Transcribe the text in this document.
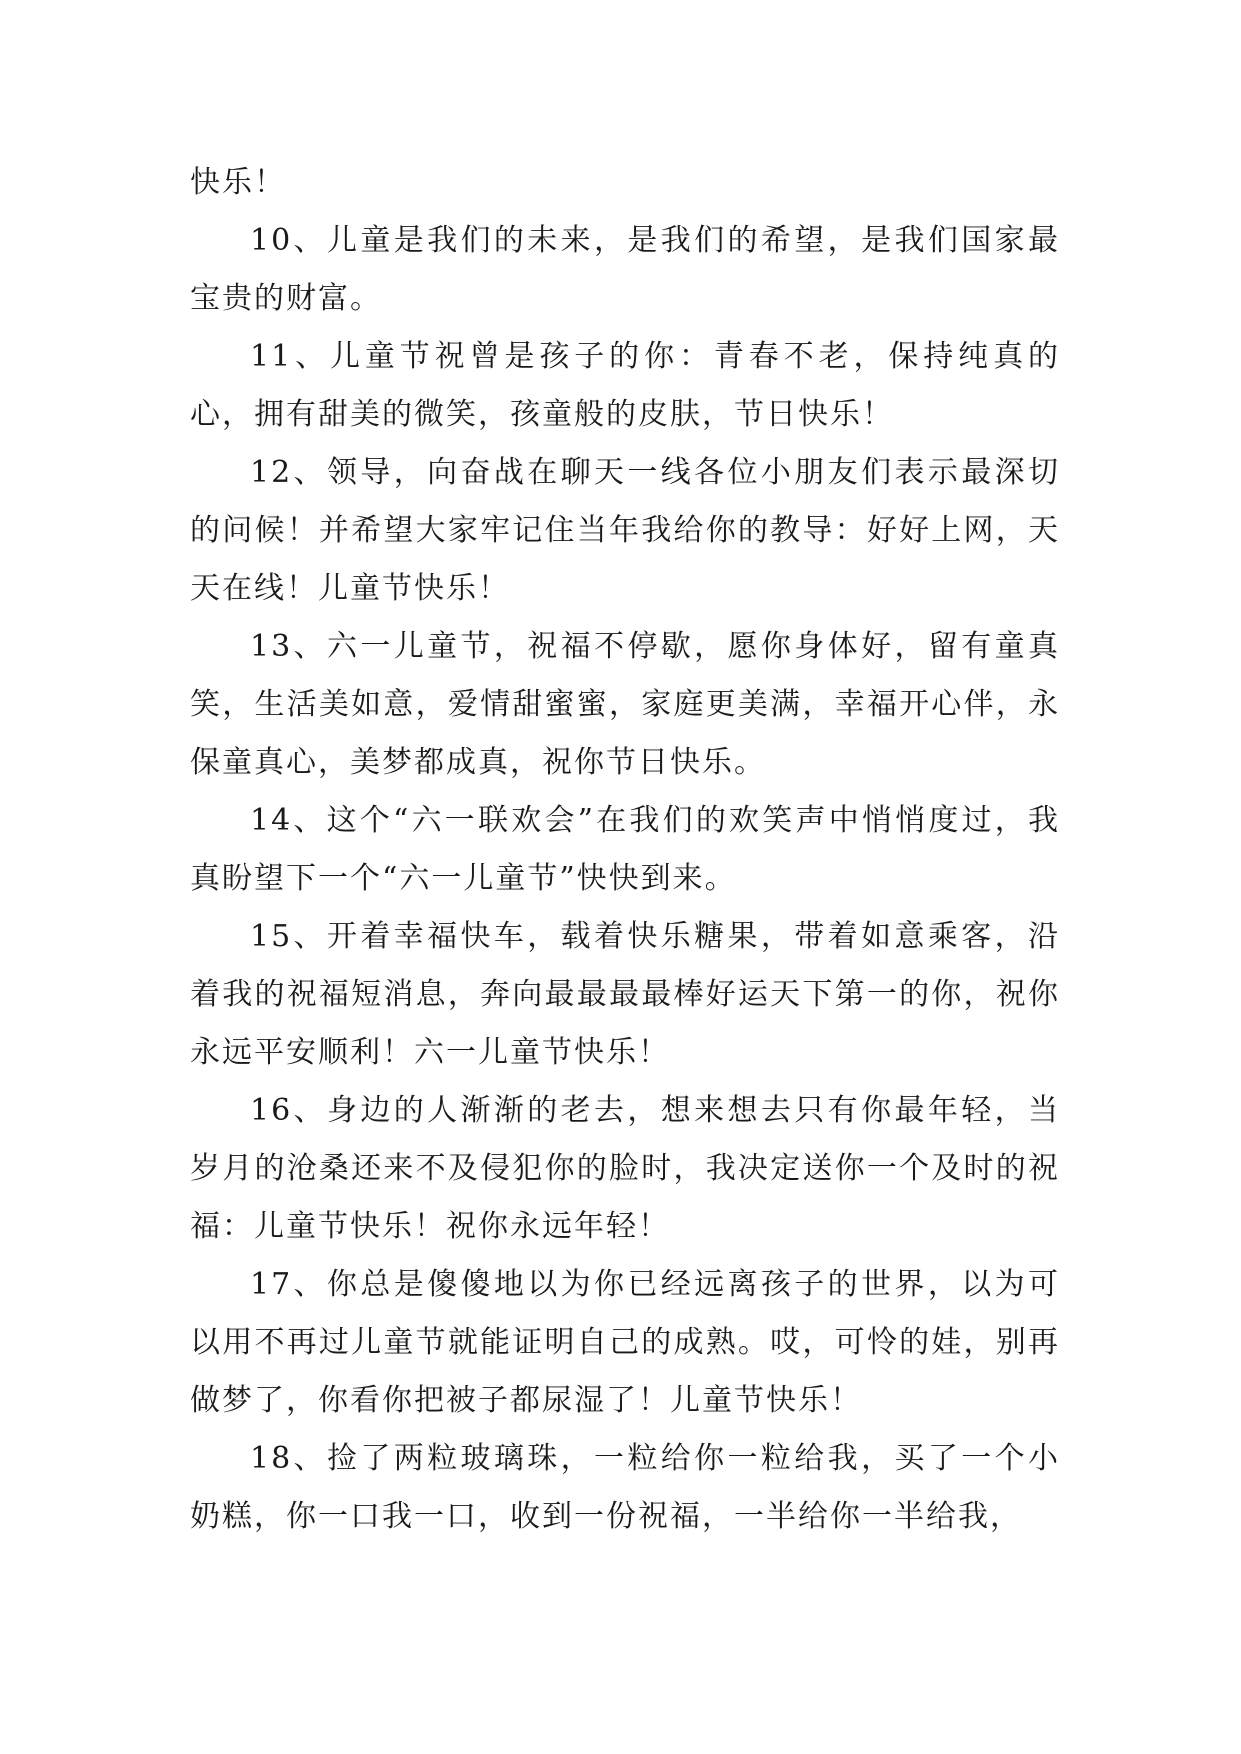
快乐！

10、儿童是我们的未来，是我们的希望，是我们国家最宝贵的财富。

11、儿童节祝曾是孩子的你：青春不老，保持纯真的心，拥有甜美的微笑，孩童般的皮肤，节日快乐！

12、领导，向奋战在聊天一线各位小朋友们表示最深切的问候！并希望大家牢记住当年我给你的教导：好好上网，天天在线！儿童节快乐！

13、六一儿童节，祝福不停歇，愿你身体好，留有童真笑，生活美如意，爱情甜蜜蜜，家庭更美满，幸福开心伴，永保童真心，美梦都成真，祝你节日快乐。

14、这个“六一联欢会”在我们的欢笑声中悄悄度过，我真盼望下一个“六一儿童节”快快到来。

15、开着幸福快车，载着快乐糖果，带着如意乘客，沿着我的祝福短消息，奔向最最最最棒好运天下第一的你，祝你永远平安顺利！六一儿童节快乐！

16、身边的人渐渐的老去，想来想去只有你最年轻，当岁月的沧桑还来不及侵犯你的脸时，我决定送你一个及时的祝福：儿童节快乐！祝你永远年轻！

17、你总是傻傻地以为你已经远离孩子的世界，以为可以用不再过儿童节就能证明自己的成熟。哎，可怜的娃，别再做梦了，你看你把被子都尿湿了！儿童节快乐！

18、捡了两粒玻璃珠，一粒给你一粒给我，买了一个小奶糕，你一口我一口，收到一份祝福，一半给你一半给我，
